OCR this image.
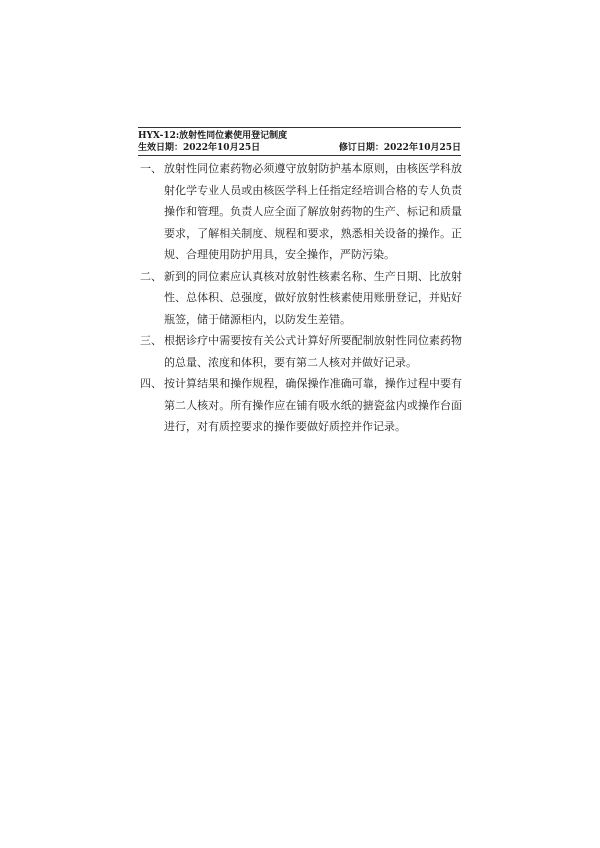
HYX-12:放射性同位素使用登记制度
生效日期：2022年10月25日	修订日期：2022年10月25日
一、 放射性同位素药物必须遵守放射防护基本原则，由核医学科放射化学专业人员或由核医学科上任指定经培训合格的专人负责操作和管理。负责人应全面了解放射药物的生产、标记和质量要求，了解相关制度、规程和要求，熟悉相关设备的操作。正规、合理使用防护用具，安全操作，严防污染。
二、 新到的同位素应认真核对放射性核素名称、生产日期、比放射性、总体积、总强度，做好放射性核素使用账册登记，并贴好瓶签，储于储源柜内，以防发生差错。
三、 根据诊疗中需要按有关公式计算好所要配制放射性同位素药物的总量、浓度和体积，要有第二人核对并做好记录。
四、 按计算结果和操作规程，确保操作准确可靠，操作过程中要有第二人核对。所有操作应在铺有吸水纸的搪瓷盆内或操作台面进行，对有质控要求的操作要做好质控并作记录。
